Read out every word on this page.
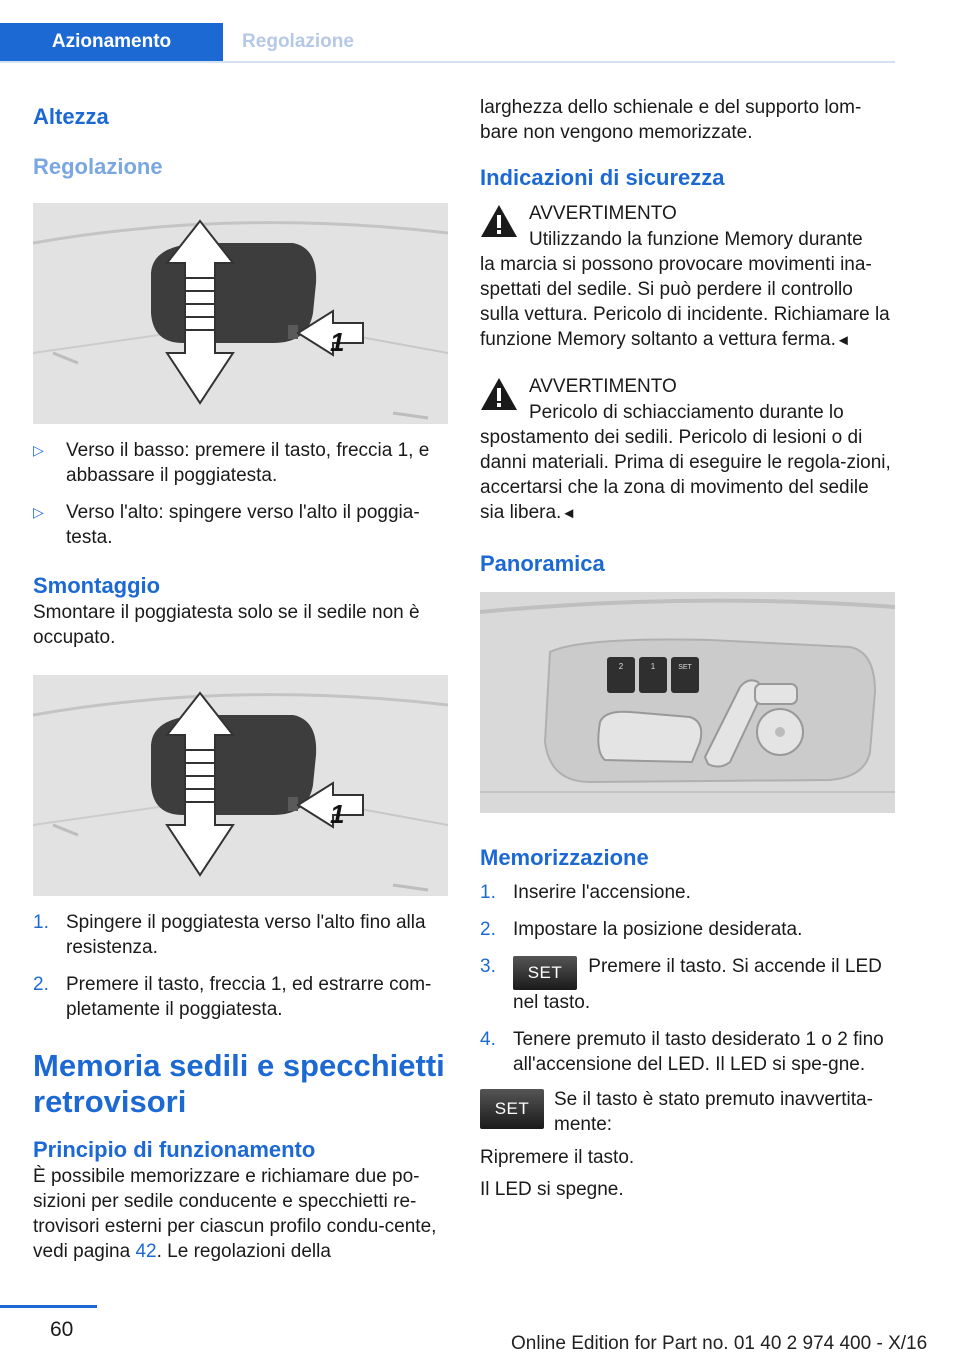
Azionamento	Regolazione
Altezza
Regolazione
1
▷ Verso il basso: premere il tasto, freccia 1, e abbassare il poggiatesta.
▷ Verso l'alto: spingere verso l'alto il poggia-testa.
Smontaggio

Smontare il poggiatesta solo se il sedile non è occupato.

1
1. Spingere il poggiatesta verso l'alto fino alla resistenza.
2. Premere il tasto, freccia 1, ed estrarre com-pletamente il poggiatesta.
Memoria sedili e specchietti retrovisori
Principio di funzionamento

È possibile memorizzare e richiamare due po-sizioni per sedile conducente e specchietti re-trovisori esterni per ciascun profilo condu-cente, vedi pagina 42. Le regolazioni della

larghezza dello schienale e del supporto lom-bare non vengono memorizzate.

Indicazioni di sicurezza
AVVERTIMENTO
Utilizzando la funzione Memory durante
la marcia si possono provocare movimenti ina-spettati del sedile. Si può perdere il controllo sulla vettura. Pericolo di incidente. Richiamare la funzione Memory soltanto a vettura ferma.◄
AVVERTIMENTO
Pericolo di schiacciamento durante lo
spostamento dei sedili. Pericolo di lesioni o di danni materiali. Prima di eseguire le regola-zioni, accertarsi che la zona di movimento del sedile sia libera.◄
Panoramica
2	1	SET
Memorizzazione
1. Inserire l'accensione.
2. Impostare la posizione desiderata.
3. SET Premere il tasto. Si accende il LED nel tasto.
4. Tenere premuto il tasto desiderato 1 o 2 fino all'accensione del LED. Il LED si spe-gne.
SET	Se il tasto è stato premuto inavvertita-mente:

Ripremere il tasto.

Il LED si spegne.

60
Online Edition for Part no. 01 40 2 974 400 - X/16
